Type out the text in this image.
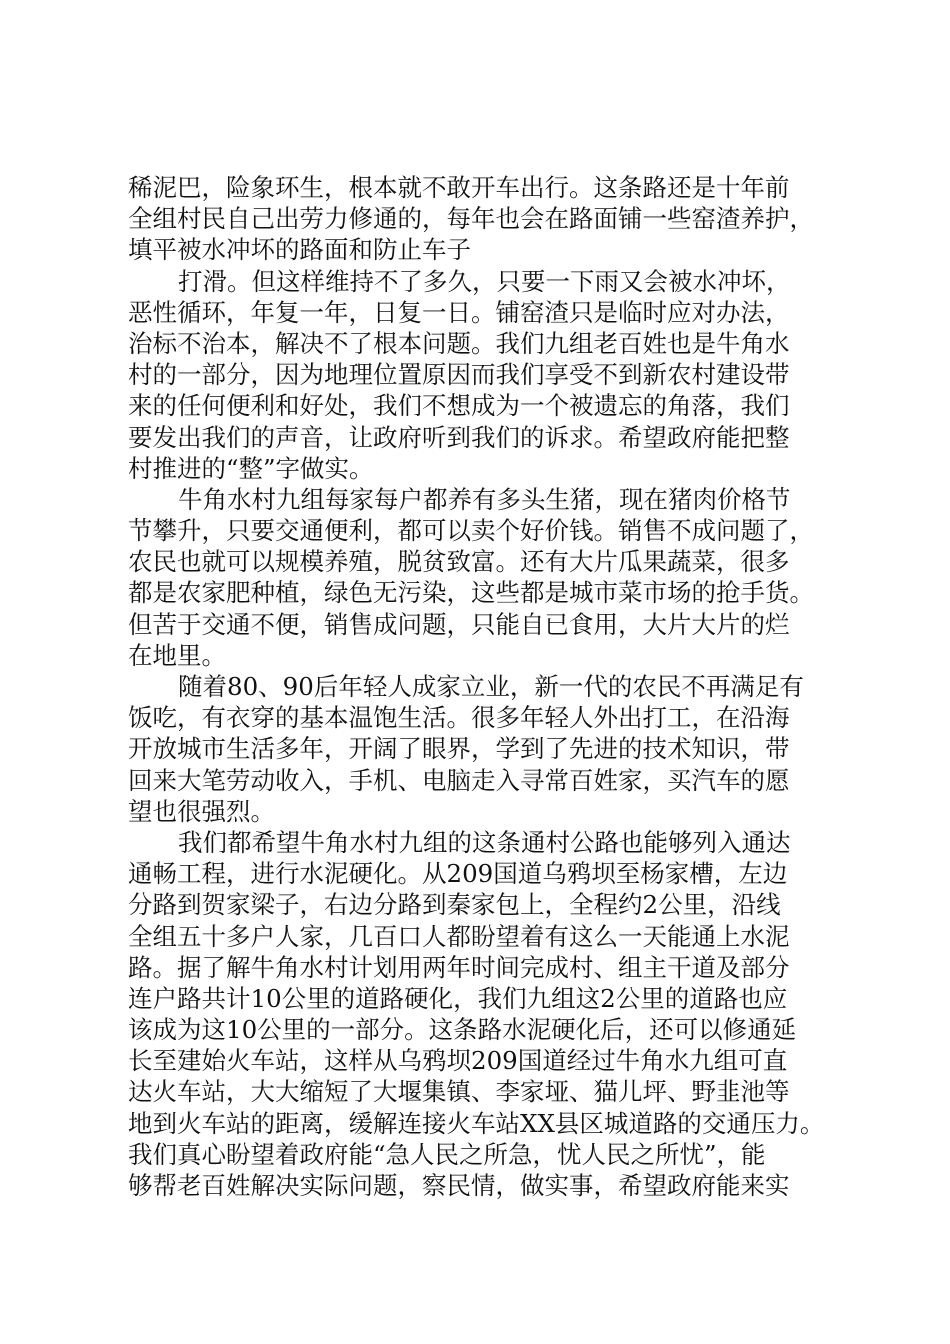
稀泥巴，险象环生，根本就不敢开车出行。这条路还是十年前
全组村民自己出劳力修通的，每年也会在路面铺一些窑渣养护，
填平被水冲坏的路面和防止车子
打滑。但这样维持不了多久，只要一下雨又会被水冲坏，
恶性循环，年复一年，日复一日。铺窑渣只是临时应对办法，
治标不治本，解决不了根本问题。我们九组老百姓也是牛角水
村的一部分，因为地理位置原因而我们享受不到新农村建设带
来的任何便利和好处，我们不想成为一个被遗忘的角落，我们
要发出我们的声音，让政府听到我们的诉求。希望政府能把整
村推进的“整”字做实。
牛角水村九组每家每户都养有多头生猪，现在猪肉价格节
节攀升，只要交通便利，都可以卖个好价钱。销售不成问题了，
农民也就可以规模养殖，脱贫致富。还有大片瓜果蔬菜，很多
都是农家肥种植，绿色无污染，这些都是城市菜市场的抢手货。
但苦于交通不便，销售成问题，只能自已食用，大片大片的烂
在地里。
随着80、90后年轻人成家立业，新一代的农民不再满足有
饭吃，有衣穿的基本温饱生活。很多年轻人外出打工，在沿海
开放城市生活多年，开阔了眼界，学到了先进的技术知识，带
回来大笔劳动收入，手机、电脑走入寻常百姓家，买汽车的愿
望也很强烈。
我们都希望牛角水村九组的这条通村公路也能够列入通达
通畅工程，进行水泥硬化。从209国道乌鸦坝至杨家槽，左边
分路到贺家梁子，右边分路到秦家包上，全程约2公里，沿线
全组五十多户人家，几百口人都盼望着有这么一天能通上水泥
路。据了解牛角水村计划用两年时间完成村、组主干道及部分
连户路共计10公里的道路硬化，我们九组这2公里的道路也应
该成为这10公里的一部分。这条路水泥硬化后，还可以修通延
长至建始火车站，这样从乌鸦坝209国道经过牛角水九组可直
达火车站，大大缩短了大堰集镇、李家垭、猫儿坪、野韭池等
地到火车站的距离，缓解连接火车站XX县区城道路的交通压力。
我们真心盼望着政府能“急人民之所急，忧人民之所忧”，能
够帮老百姓解决实际问题，察民情，做实事，希望政府能来实
